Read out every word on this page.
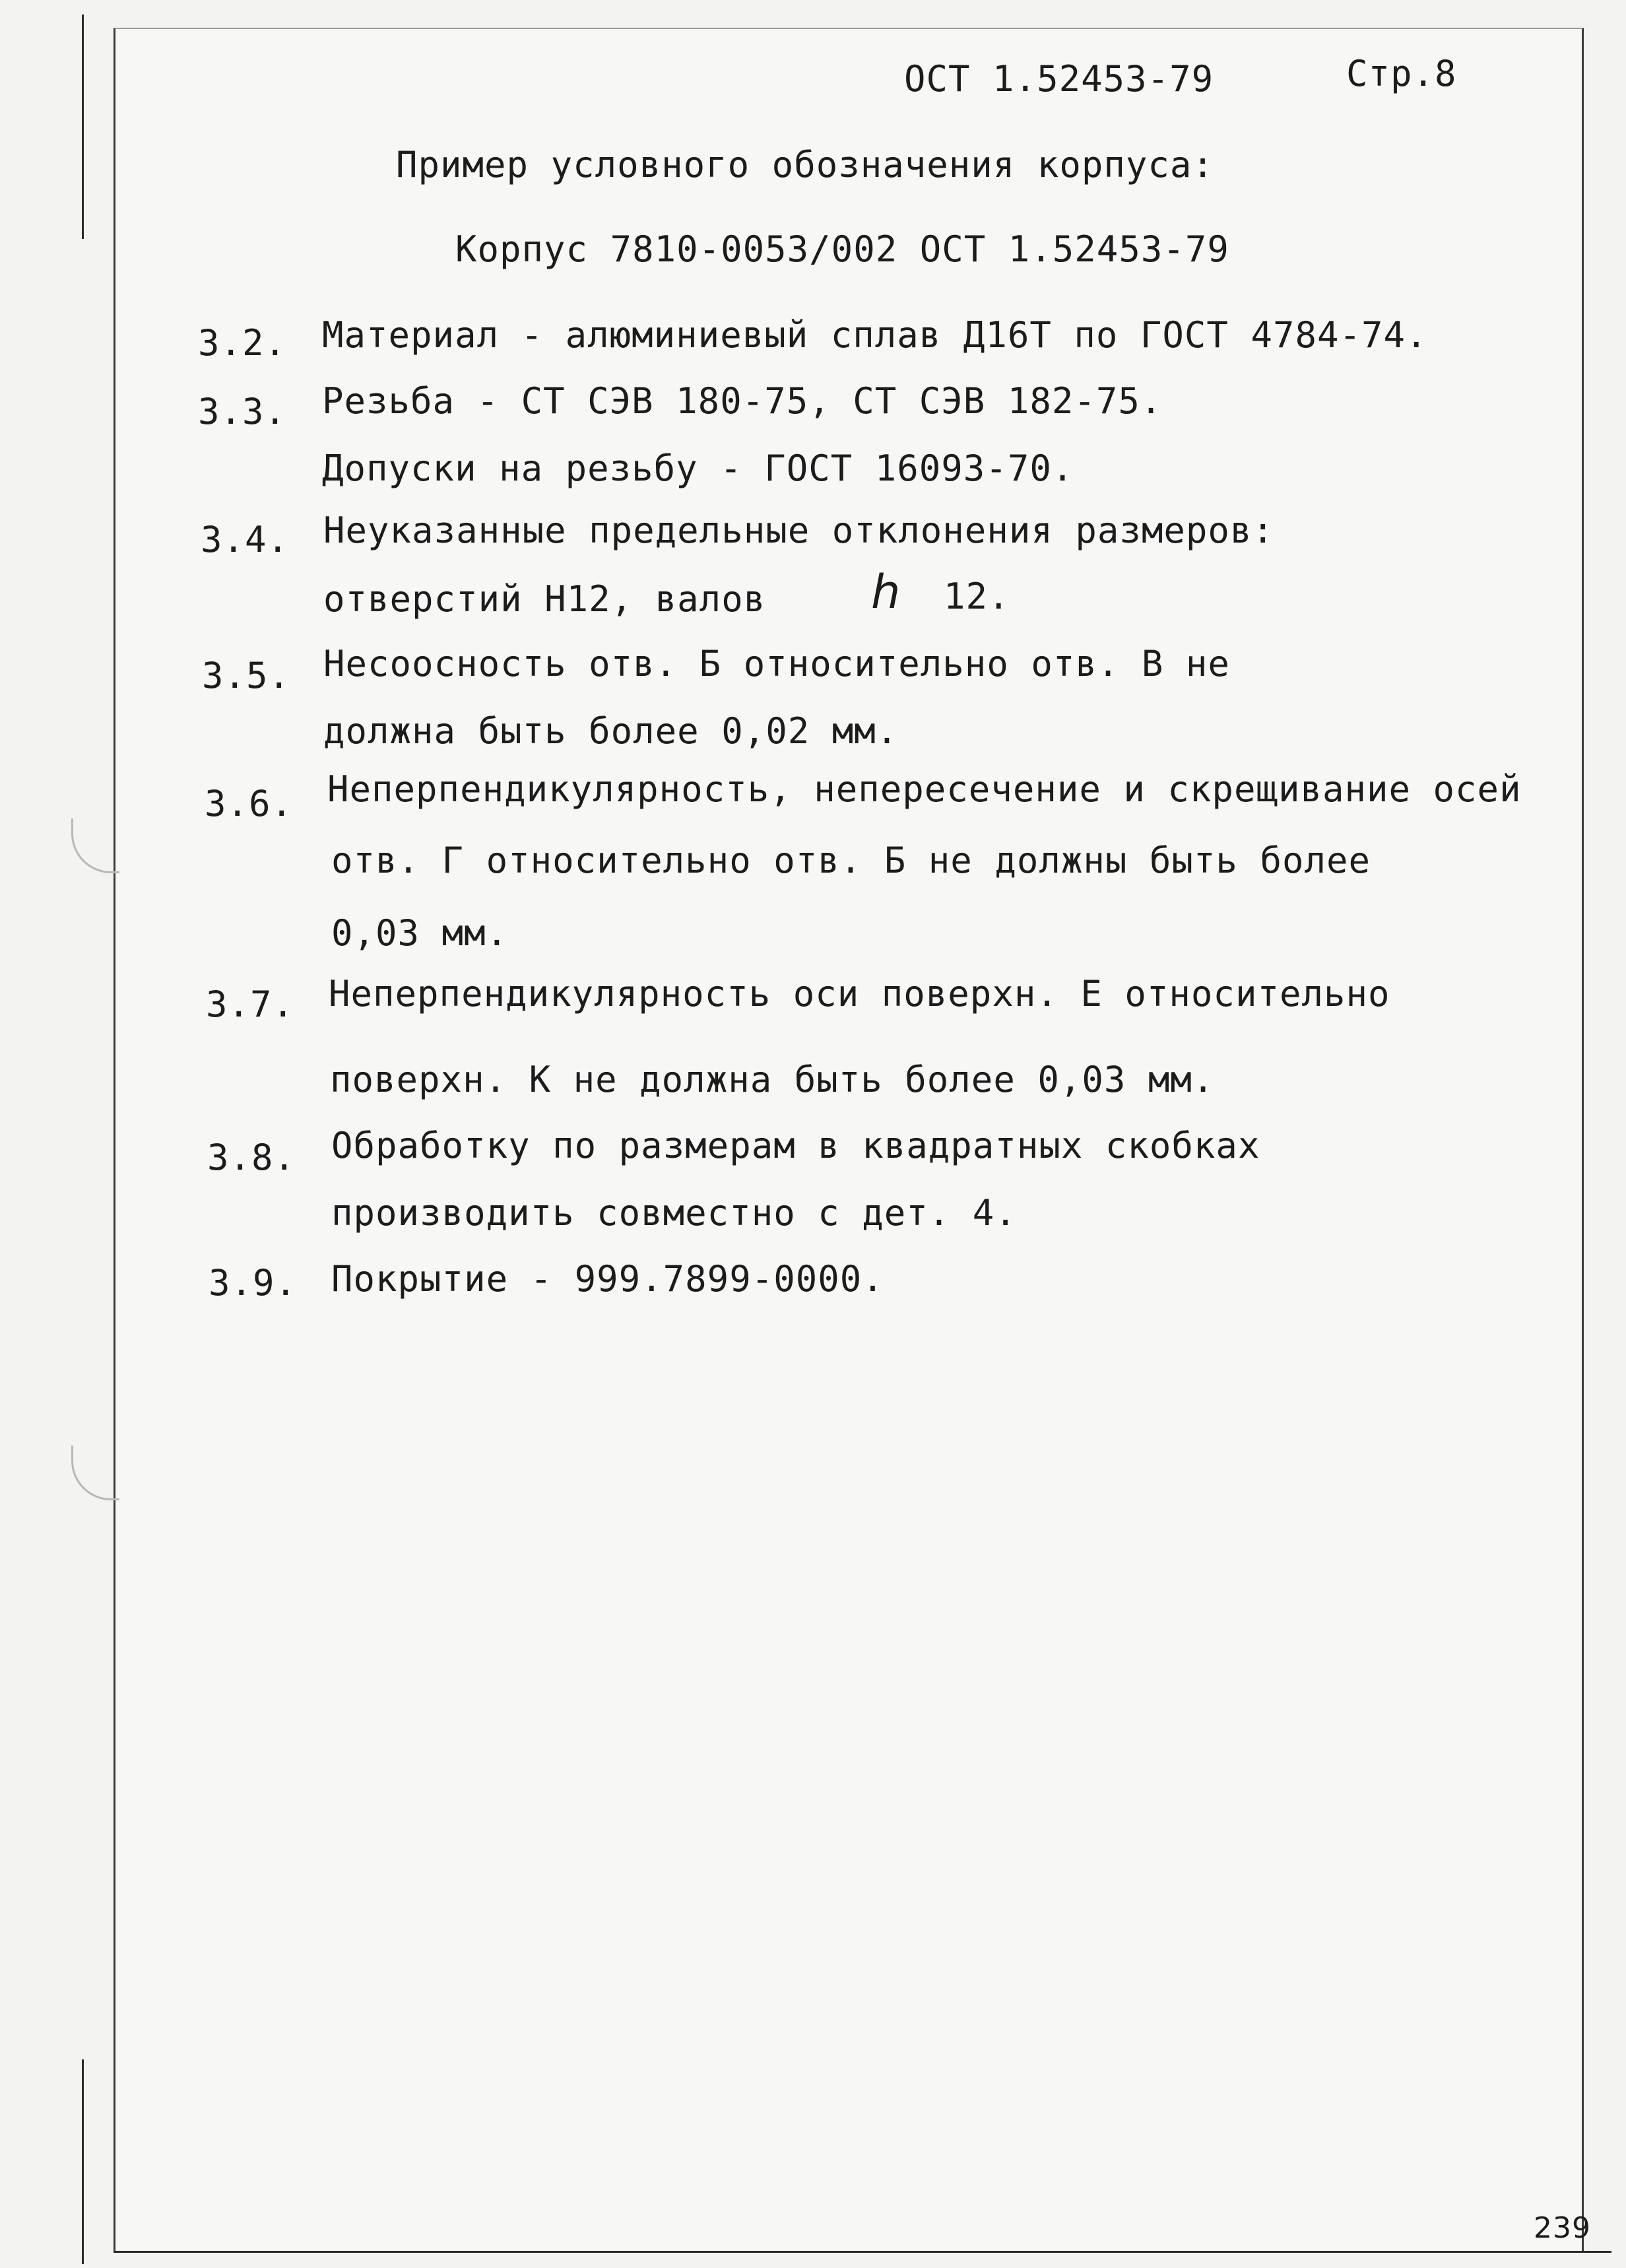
ОСТ 1.52453-79	Стр.8
Пример условного обозначения корпуса:
Корпус 7810-0053/002 ОСТ 1.52453-79
3.2. Материал - алюминиевый сплав Д16Т по ГОСТ 4784-74.
3.3. Резьба - СТ СЭВ 180-75, СТ СЭВ 182-75.
Допуски на резьбу - ГОСТ 16093-70.
3.4. Неуказанные предельные отклонения размеров:
отверстий Н12, валов h 12.
3.5. Несоосность отв. Б относительно отв. В не
должна быть более 0,02 мм.
3.6. Неперпендикулярность, непересечение и скрещивание осей
отв. Г относительно отв. Б не должны быть более
0,03 мм.
3.7. Неперпендикулярность оси поверхн. Е относительно
поверхн. К не должна быть более 0,03 мм.
3.8. Обработку по размерам в квадратных скобках
производить совместно с дет. 4.
3.9. Покрытие - 999.7899-0000.
239
